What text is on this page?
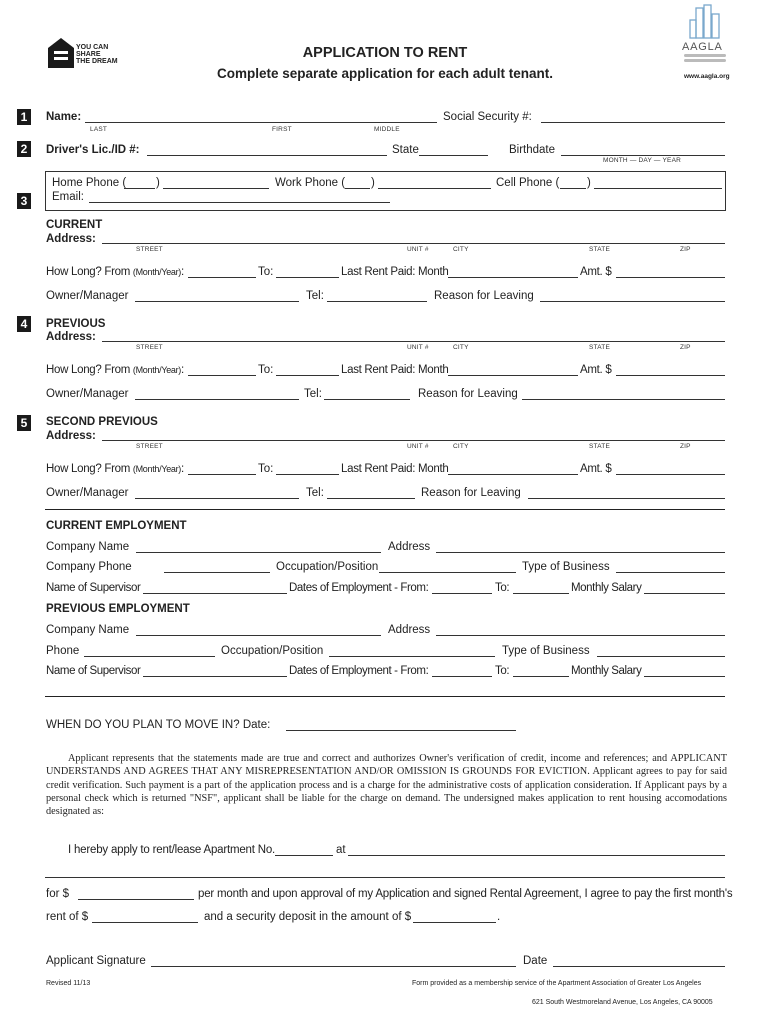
YOU CAN
SHARE
THE DREAM
APPLICATION TO RENT
Complete separate application for each adult tenant.
AAGLA
www.aagla.org
1	Name:	Social Security #:
LAST	FIRST	MIDDLE
2	Driver's Lic./ID #:	State	Birthdate
MONTH — DAY — YEAR
3
Home Phone (	)	Work Phone ( )	Cell Phone ( )
Email:
CURRENT
Address:
STREET	UNIT #	CITY	STATE	ZIP
How Long? From (Month/Year):	To:	Last Rent Paid: Month	Amt. $
Owner/Manager	Tel:	Reason for Leaving
4	PREVIOUS
Address:
STREET	UNIT #	CITY	STATE	ZIP
How Long? From (Month/Year):	To:	Last Rent Paid: Month	Amt. $
Owner/Manager	Tel:	Reason for Leaving
5	SECOND PREVIOUS
Address:
STREET	UNIT #	CITY	STATE	ZIP
How Long? From (Month/Year):	To:	Last Rent Paid: Month	Amt. $
Owner/Manager	Tel:	Reason for Leaving
CURRENT EMPLOYMENT
Company Name	Address
Company Phone	Occupation/Position	Type of Business
Name of Supervisor	Dates of Employment - From:	To:	Monthly Salary
PREVIOUS EMPLOYMENT
Company Name	Address
Phone	Occupation/Position	Type of Business
Name of Supervisor	Dates of Employment - From:	To:	Monthly Salary
WHEN DO YOU PLAN TO MOVE IN? Date:
Applicant represents that the statements made are true and correct and authorizes Owner's verification of credit, income and references; and APPLICANT UNDERSTANDS AND AGREES THAT ANY MISREPRESENTATION AND/OR OMISSION IS GROUNDS FOR EVICTION. Applicant agrees to pay for said credit verification. Such payment is a part of the application process and is a charge for the administrative costs of application consideration. If Applicant pays by a personal check which is returned "NSF", applicant shall be liable for the charge on demand. The undersigned makes application to rent housing accomodations designated as:
I hereby apply to rent/lease Apartment No.	at
for $	per month and upon approval of my Application and signed Rental Agreement, I agree to pay the first month's
rent of $	and a security deposit in the amount of $	.
Applicant Signature	Date
Revised 11/13	Form provided as a membership service of the Apartment Association of Greater Los Angeles
621 South Westmoreland Avenue, Los Angeles, CA 90005
